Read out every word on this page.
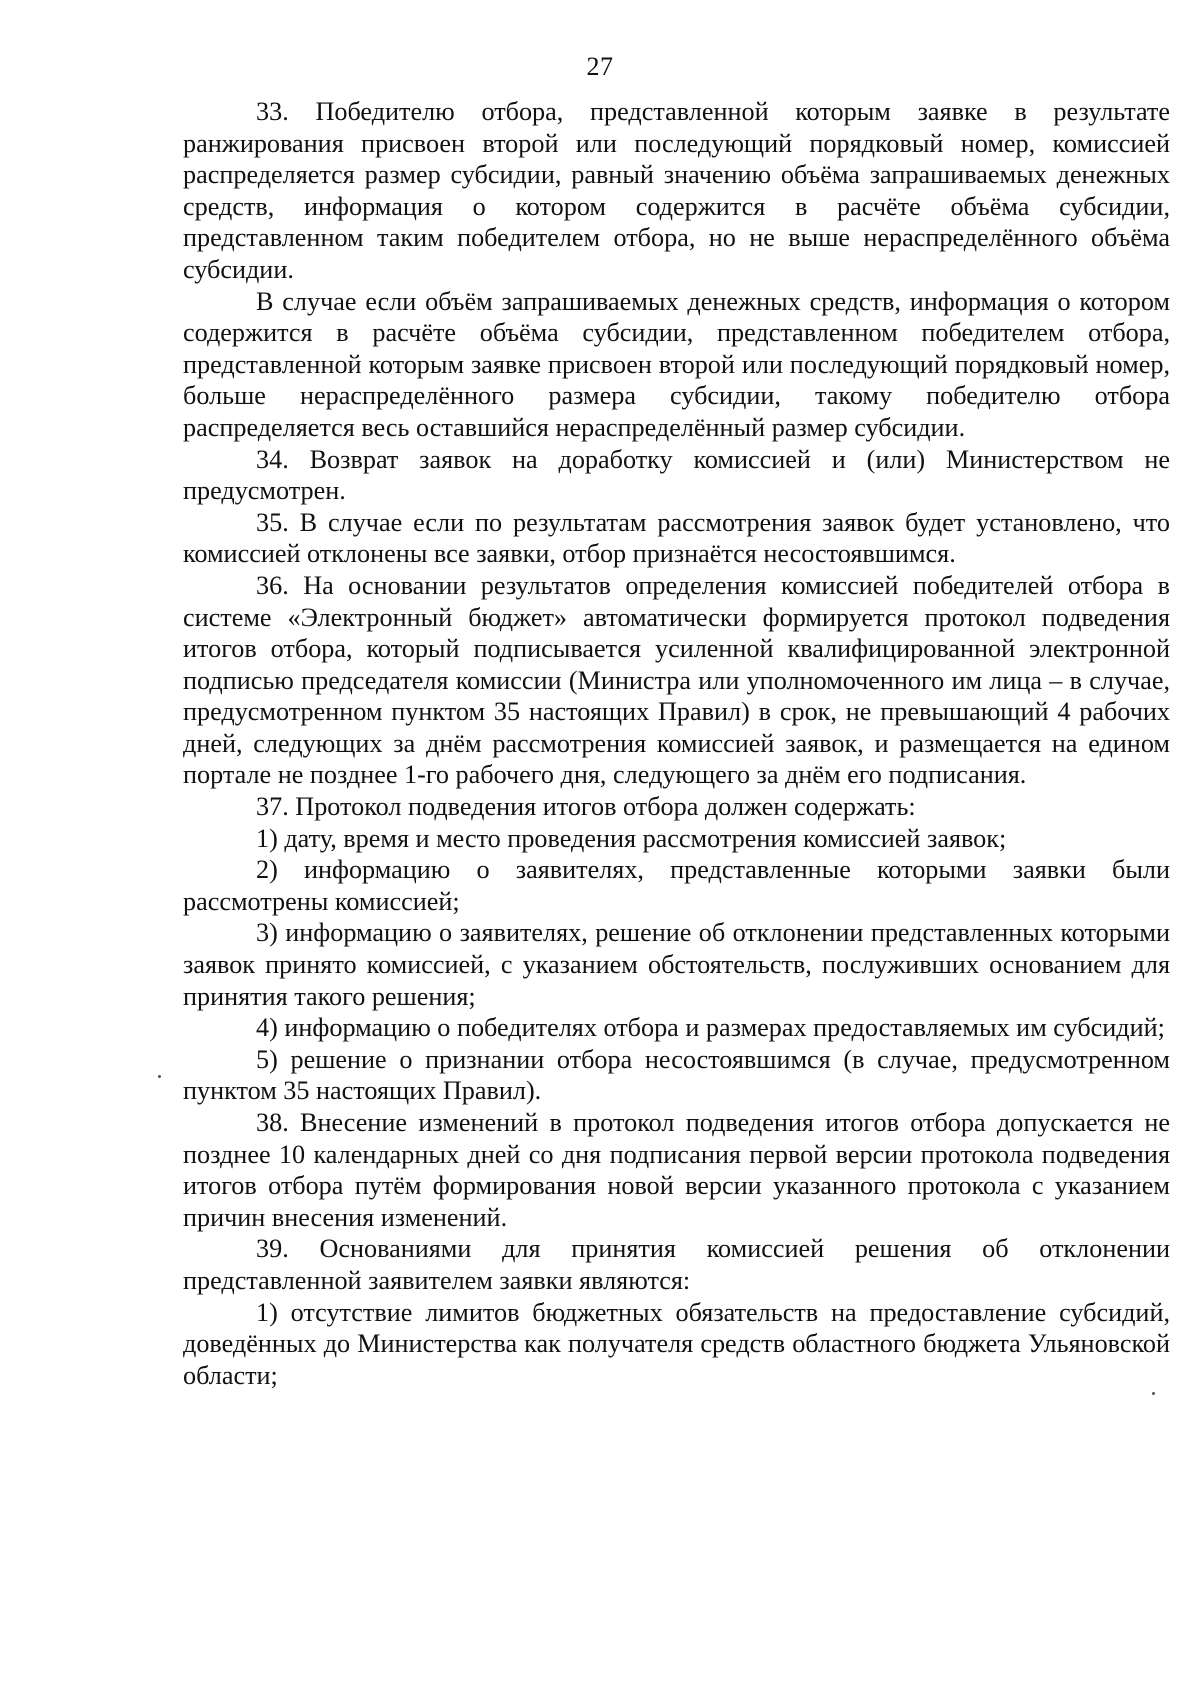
27

33. Победителю отбора, представленной которым заявке в результате ранжирования присвоен второй или последующий порядковый номер, комиссией распределяется размер субсидии, равный значению объёма запрашиваемых денежных средств, информация о котором содержится в расчёте объёма субсидии, представленном таким победителем отбора, но не выше нераспределённого объёма субсидии.

В случае если объём запрашиваемых денежных средств, информация о котором содержится в расчёте объёма субсидии, представленном победителем отбора, представленной которым заявке присвоен второй или последующий порядковый номер, больше нераспределённого размера субсидии, такому победителю отбора распределяется весь оставшийся нераспределённый размер субсидии.

34. Возврат заявок на доработку комиссией и (или) Министерством не предусмотрен.

35. В случае если по результатам рассмотрения заявок будет установлено, что комиссией отклонены все заявки, отбор признаётся несостоявшимся.

36. На основании результатов определения комиссией победителей отбора в системе «Электронный бюджет» автоматически формируется протокол подведения итогов отбора, который подписывается усиленной квалифицированной электронной подписью председателя комиссии (Министра или уполномоченного им лица – в случае, предусмотренном пунктом 35 настоящих Правил) в срок, не превышающий 4 рабочих дней, следующих за днём рассмотрения комиссией заявок, и размещается на едином портале не позднее 1-го рабочего дня, следующего за днём его подписания.

37. Протокол подведения итогов отбора должен содержать:

1) дату, время и место проведения рассмотрения комиссией заявок;

2) информацию о заявителях, представленные которыми заявки были рассмотрены комиссией;

3) информацию о заявителях, решение об отклонении представленных которыми заявок принято комиссией, с указанием обстоятельств, послуживших основанием для принятия такого решения;

4) информацию о победителях отбора и размерах предоставляемых им субсидий;

5) решение о признании отбора несостоявшимся (в случае, предусмотренном пунктом 35 настоящих Правил).

38. Внесение изменений в протокол подведения итогов отбора допускается не позднее 10 календарных дней со дня подписания первой версии протокола подведения итогов отбора путём формирования новой версии указанного протокола с указанием причин внесения изменений.

39. Основаниями для принятия комиссией решения об отклонении представленной заявителем заявки являются:

1) отсутствие лимитов бюджетных обязательств на предоставление субсидий, доведённых до Министерства как получателя средств областного бюджета Ульяновской области;
